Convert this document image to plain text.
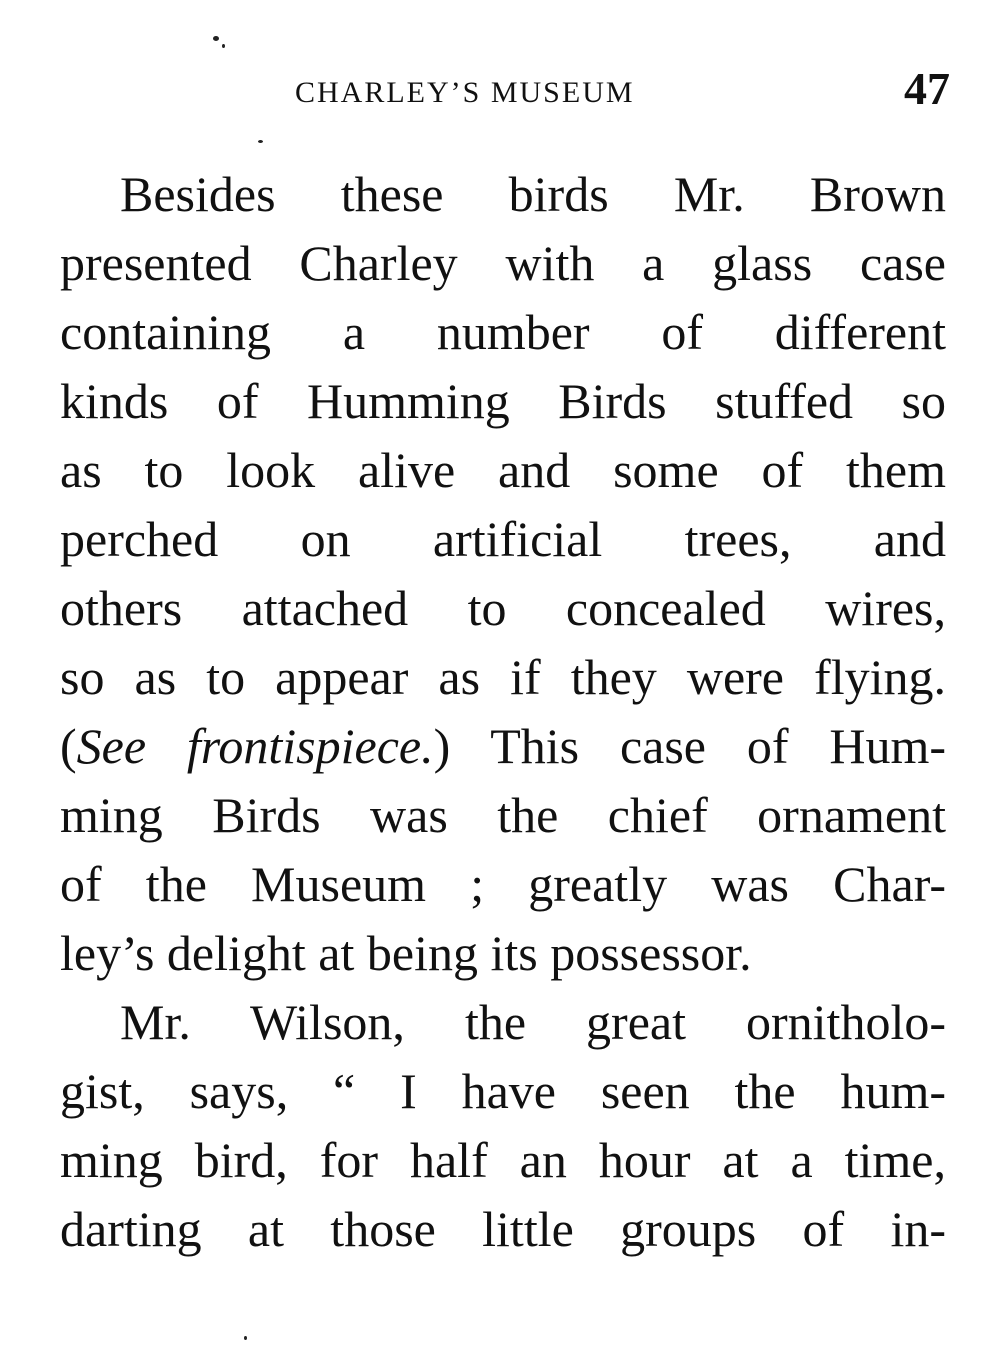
CHARLEY’S MUSEUM	47
Besides these birds Mr. Brown
presented Charley with a glass case
containing a number of different
kinds of Humming Birds stuffed so
as to look alive and some of them
perched on artificial trees, and
others attached to concealed wires,
so as to appear as if they were flying.
(See frontispiece.) This case of Hum-
ming Birds was the chief ornament
of the Museum ; greatly was Char-
ley’s delight at being its possessor.
Mr. Wilson, the great ornitholo-
gist, says, “ I have seen the hum-
ming bird, for half an hour at a time,
darting at those little groups of in-
